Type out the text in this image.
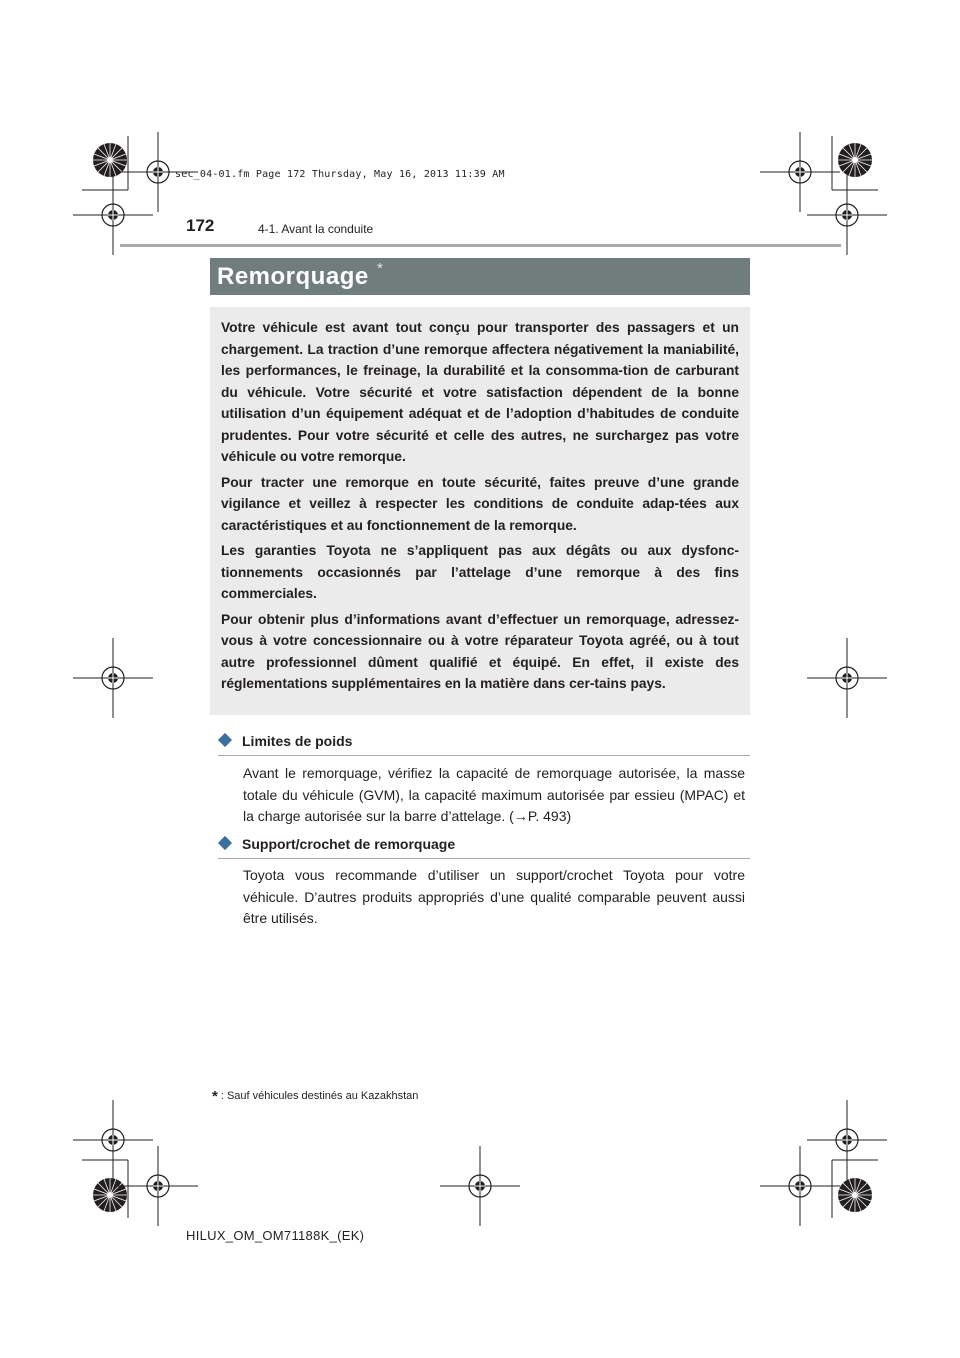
sec_04-01.fm Page 172 Thursday, May 16, 2013 11:39 AM
172	4-1. Avant la conduite
Remorquage *

Votre véhicule est avant tout conçu pour transporter des passagers et un chargement. La traction d’une remorque affectera négativement la maniabilité, les performances, le freinage, la durabilité et la consomma-tion de carburant du véhicule. Votre sécurité et votre satisfaction dépendent de la bonne utilisation d’un équipement adéquat et de l’adoption d’habitudes de conduite prudentes. Pour votre sécurité et celle des autres, ne surchargez pas votre véhicule ou votre remorque.

Pour tracter une remorque en toute sécurité, faites preuve d’une grande vigilance et veillez à respecter les conditions de conduite adap-tées aux caractéristiques et au fonctionnement de la remorque.

Les garanties Toyota ne s’appliquent pas aux dégâts ou aux dysfonc-tionnements occasionnés par l’attelage d’une remorque à des fins commerciales.

Pour obtenir plus d’informations avant d’effectuer un remorquage, adressez-vous à votre concessionnaire ou à votre réparateur Toyota agréé, ou à tout autre professionnel dûment qualifié et équipé. En effet, il existe des réglementations supplémentaires en la matière dans cer-tains pays.

Limites de poids

Avant le remorquage, vérifiez la capacité de remorquage autorisée, la masse totale du véhicule (GVM), la capacité maximum autorisée par essieu (MPAC) et la charge autorisée sur la barre d’attelage. (→P. 493)

Support/crochet de remorquage

Toyota vous recommande d’utiliser un support/crochet Toyota pour votre véhicule. D’autres produits appropriés d’une qualité comparable peuvent aussi être utilisés.

* : Sauf véhicules destinés au Kazakhstan
HILUX_OM_OM71188K_(EK)
